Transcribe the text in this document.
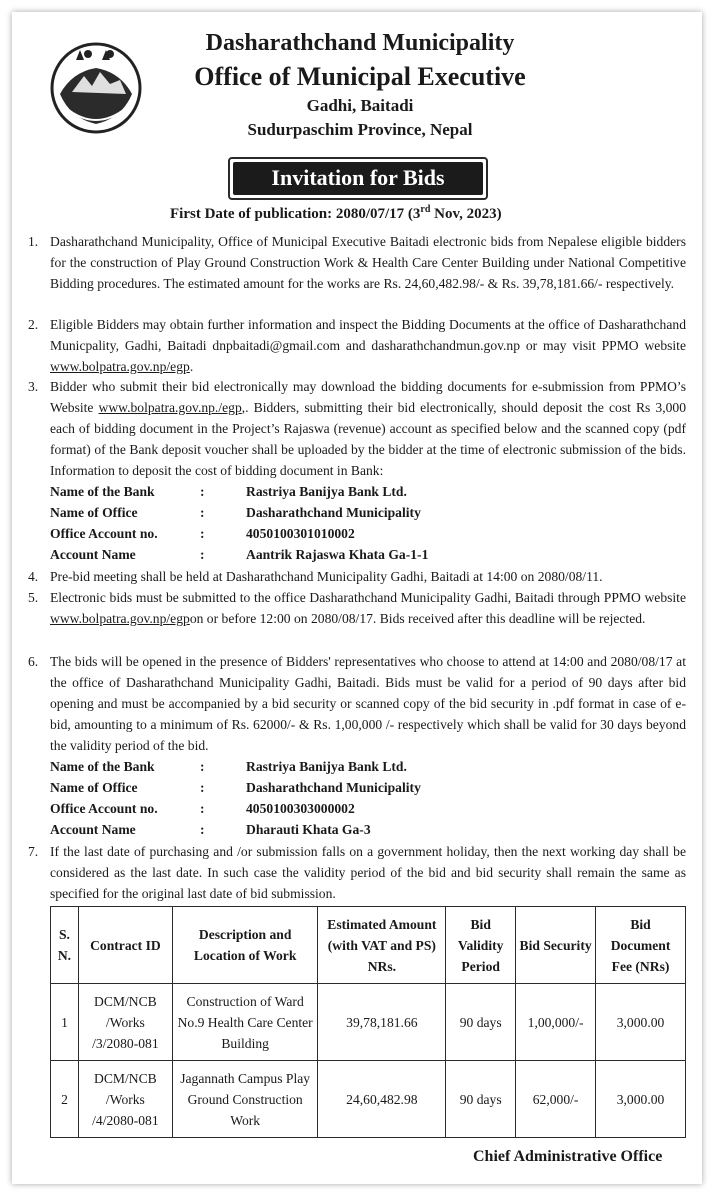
Dasharathchand Municipality
Office of Municipal Executive
Gadhi, Baitadi
Sudurpaschim Province, Nepal
Invitation for Bids
First Date of publication: 2080/07/17 (3rd Nov, 2023)
1. Dasharathchand Municipality, Office of Municipal Executive Baitadi electronic bids from Nepalese eligible bidders for the construction of Play Ground Construction Work & Health Care Center Building under National Competitive Bidding procedures. The estimated amount for the works are Rs. 24,60,482.98/- & Rs. 39,78,181.66/- respectively.
2. Eligible Bidders may obtain further information and inspect the Bidding Documents at the office of Dasharathchand Municpality, Gadhi, Baitadi dnpbaitadi@gmail.com and dasharathchandmun.gov.np or may visit PPMO website www.bolpatra.gov.np/egp.
3. Bidder who submit their bid electronically may download the bidding documents for e-submission from PPMO’s Website www.bolpatra.gov.np./egp,. Bidders, submitting their bid electronically, should deposit the cost Rs 3,000 each of bidding document in the Project’s Rajaswa (revenue) account as specified below and the scanned copy (pdf format) of the Bank deposit voucher shall be uploaded by the bidder at the time of electronic submission of the bids. Information to deposit the cost of bidding document in Bank:
Name of the Bank	:	Rastriya Banijya Bank Ltd.
Name of Office	:	Dasharathchand Municipality
Office Account no.	:	4050100301010002
Account Name	:	Aantrik Rajaswa Khata Ga-1-1
4. Pre-bid meeting shall be held at Dasharathchand Municipality Gadhi, Baitadi at 14:00 on 2080/08/11.
5. Electronic bids must be submitted to the office Dasharathchand Municipality Gadhi, Baitadi through PPMO website www.bolpatra.gov.np/egpon or before 12:00 on 2080/08/17. Bids received after this deadline will be rejected.
6. The bids will be opened in the presence of Bidders' representatives who choose to attend at 14:00 and 2080/08/17 at the office of Dasharathchand Municipality Gadhi, Baitadi. Bids must be valid for a period of 90 days after bid opening and must be accompanied by a bid security or scanned copy of the bid security in .pdf format in case of e-bid, amounting to a minimum of Rs. 62000/- & Rs. 1,00,000 /- respectively which shall be valid for 30 days beyond the validity period of the bid.
Name of the Bank	:	Rastriya Banijya Bank Ltd.
Name of Office	:	Dasharathchand Municipality
Office Account no.	:	4050100303000002
Account Name	:	Dharauti Khata Ga-3
7. If the last date of purchasing and /or submission falls on a government holiday, then the next working day shall be considered as the last date. In such case the validity period of the bid and bid security shall remain the same as specified for the original last date of bid submission.
S. N.	Contract ID	Description and Location of Work	Estimated Amount (with VAT and PS) NRs.	Bid Validity Period	Bid Security	Bid Document Fee (NRs)
1	DCM/NCB /Works /3/2080-081	Construction of Ward No.9 Health Care Center Building	39,78,181.66	90 days	1,00,000/-	3,000.00
2	DCM/NCB /Works /4/2080-081	Jagannath Campus Play Ground Construction Work	24,60,482.98	90 days	62,000/-	3,000.00
Chief Administrative Office
